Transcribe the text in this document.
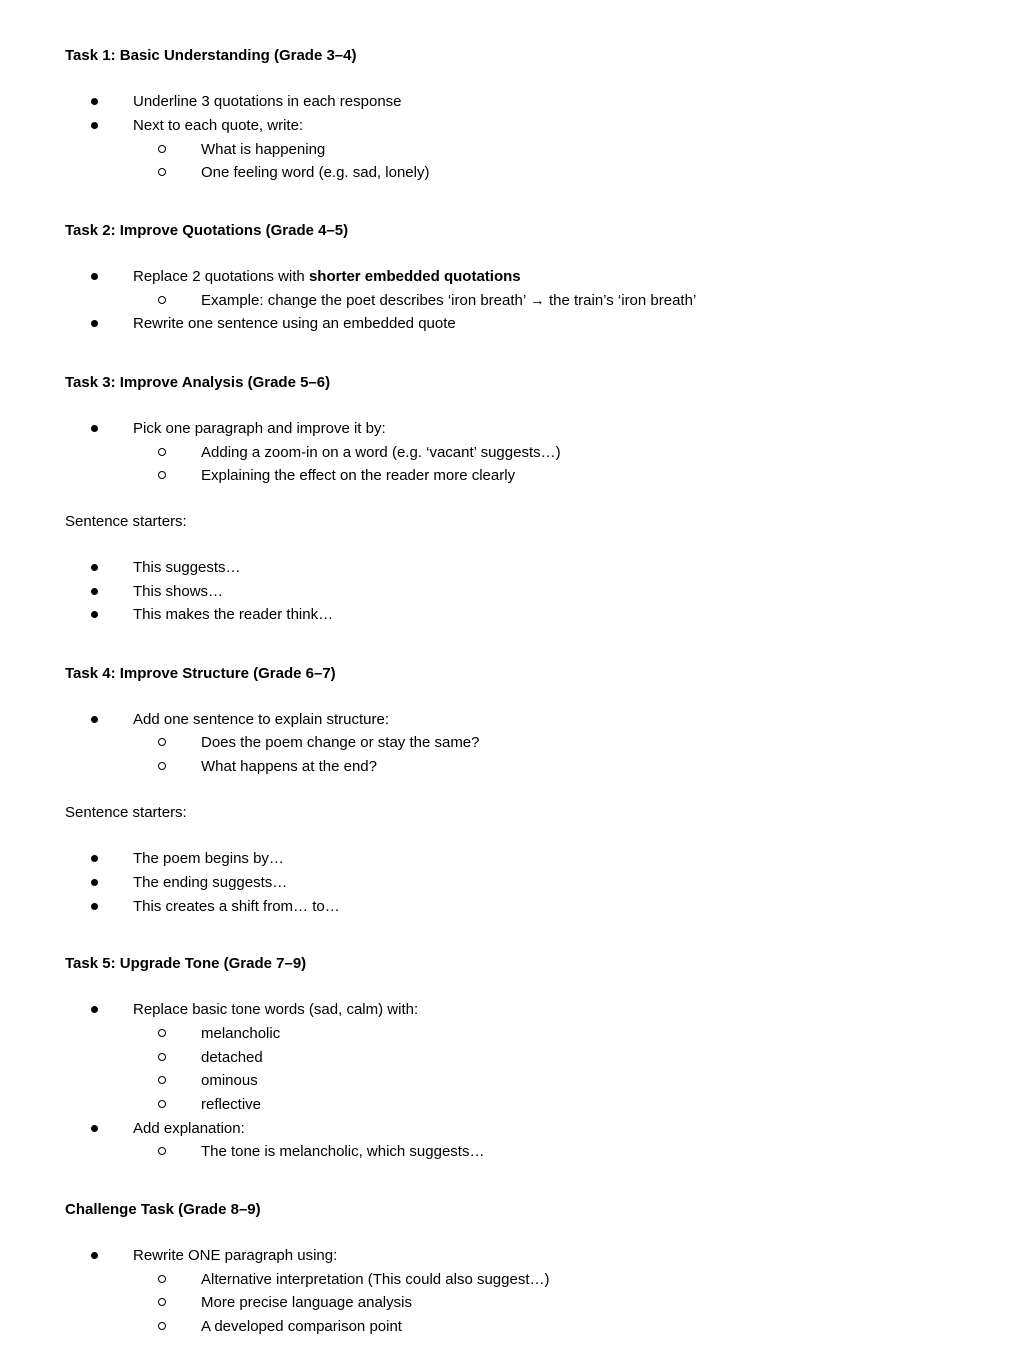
Task 1: Basic Understanding (Grade 3–4)
Underline 3 quotations in each response
Next to each quote, write:
What is happening
One feeling word (e.g. sad, lonely)
Task 2: Improve Quotations (Grade 4–5)
Replace 2 quotations with shorter embedded quotations
Example: change the poet describes ‘iron breath’ → the train’s ‘iron breath’
Rewrite one sentence using an embedded quote
Task 3: Improve Analysis (Grade 5–6)
Pick one paragraph and improve it by:
Adding a zoom-in on a word (e.g. ‘vacant’ suggests…)
Explaining the effect on the reader more clearly
Sentence starters:
This suggests…
This shows…
This makes the reader think…
Task 4: Improve Structure (Grade 6–7)
Add one sentence to explain structure:
Does the poem change or stay the same?
What happens at the end?
Sentence starters:
The poem begins by…
The ending suggests…
This creates a shift from… to…
Task 5: Upgrade Tone (Grade 7–9)
Replace basic tone words (sad, calm) with:
melancholic
detached
ominous
reflective
Add explanation:
The tone is melancholic, which suggests…
Challenge Task (Grade 8–9)
Rewrite ONE paragraph using:
Alternative interpretation (This could also suggest…)
More precise language analysis
A developed comparison point
